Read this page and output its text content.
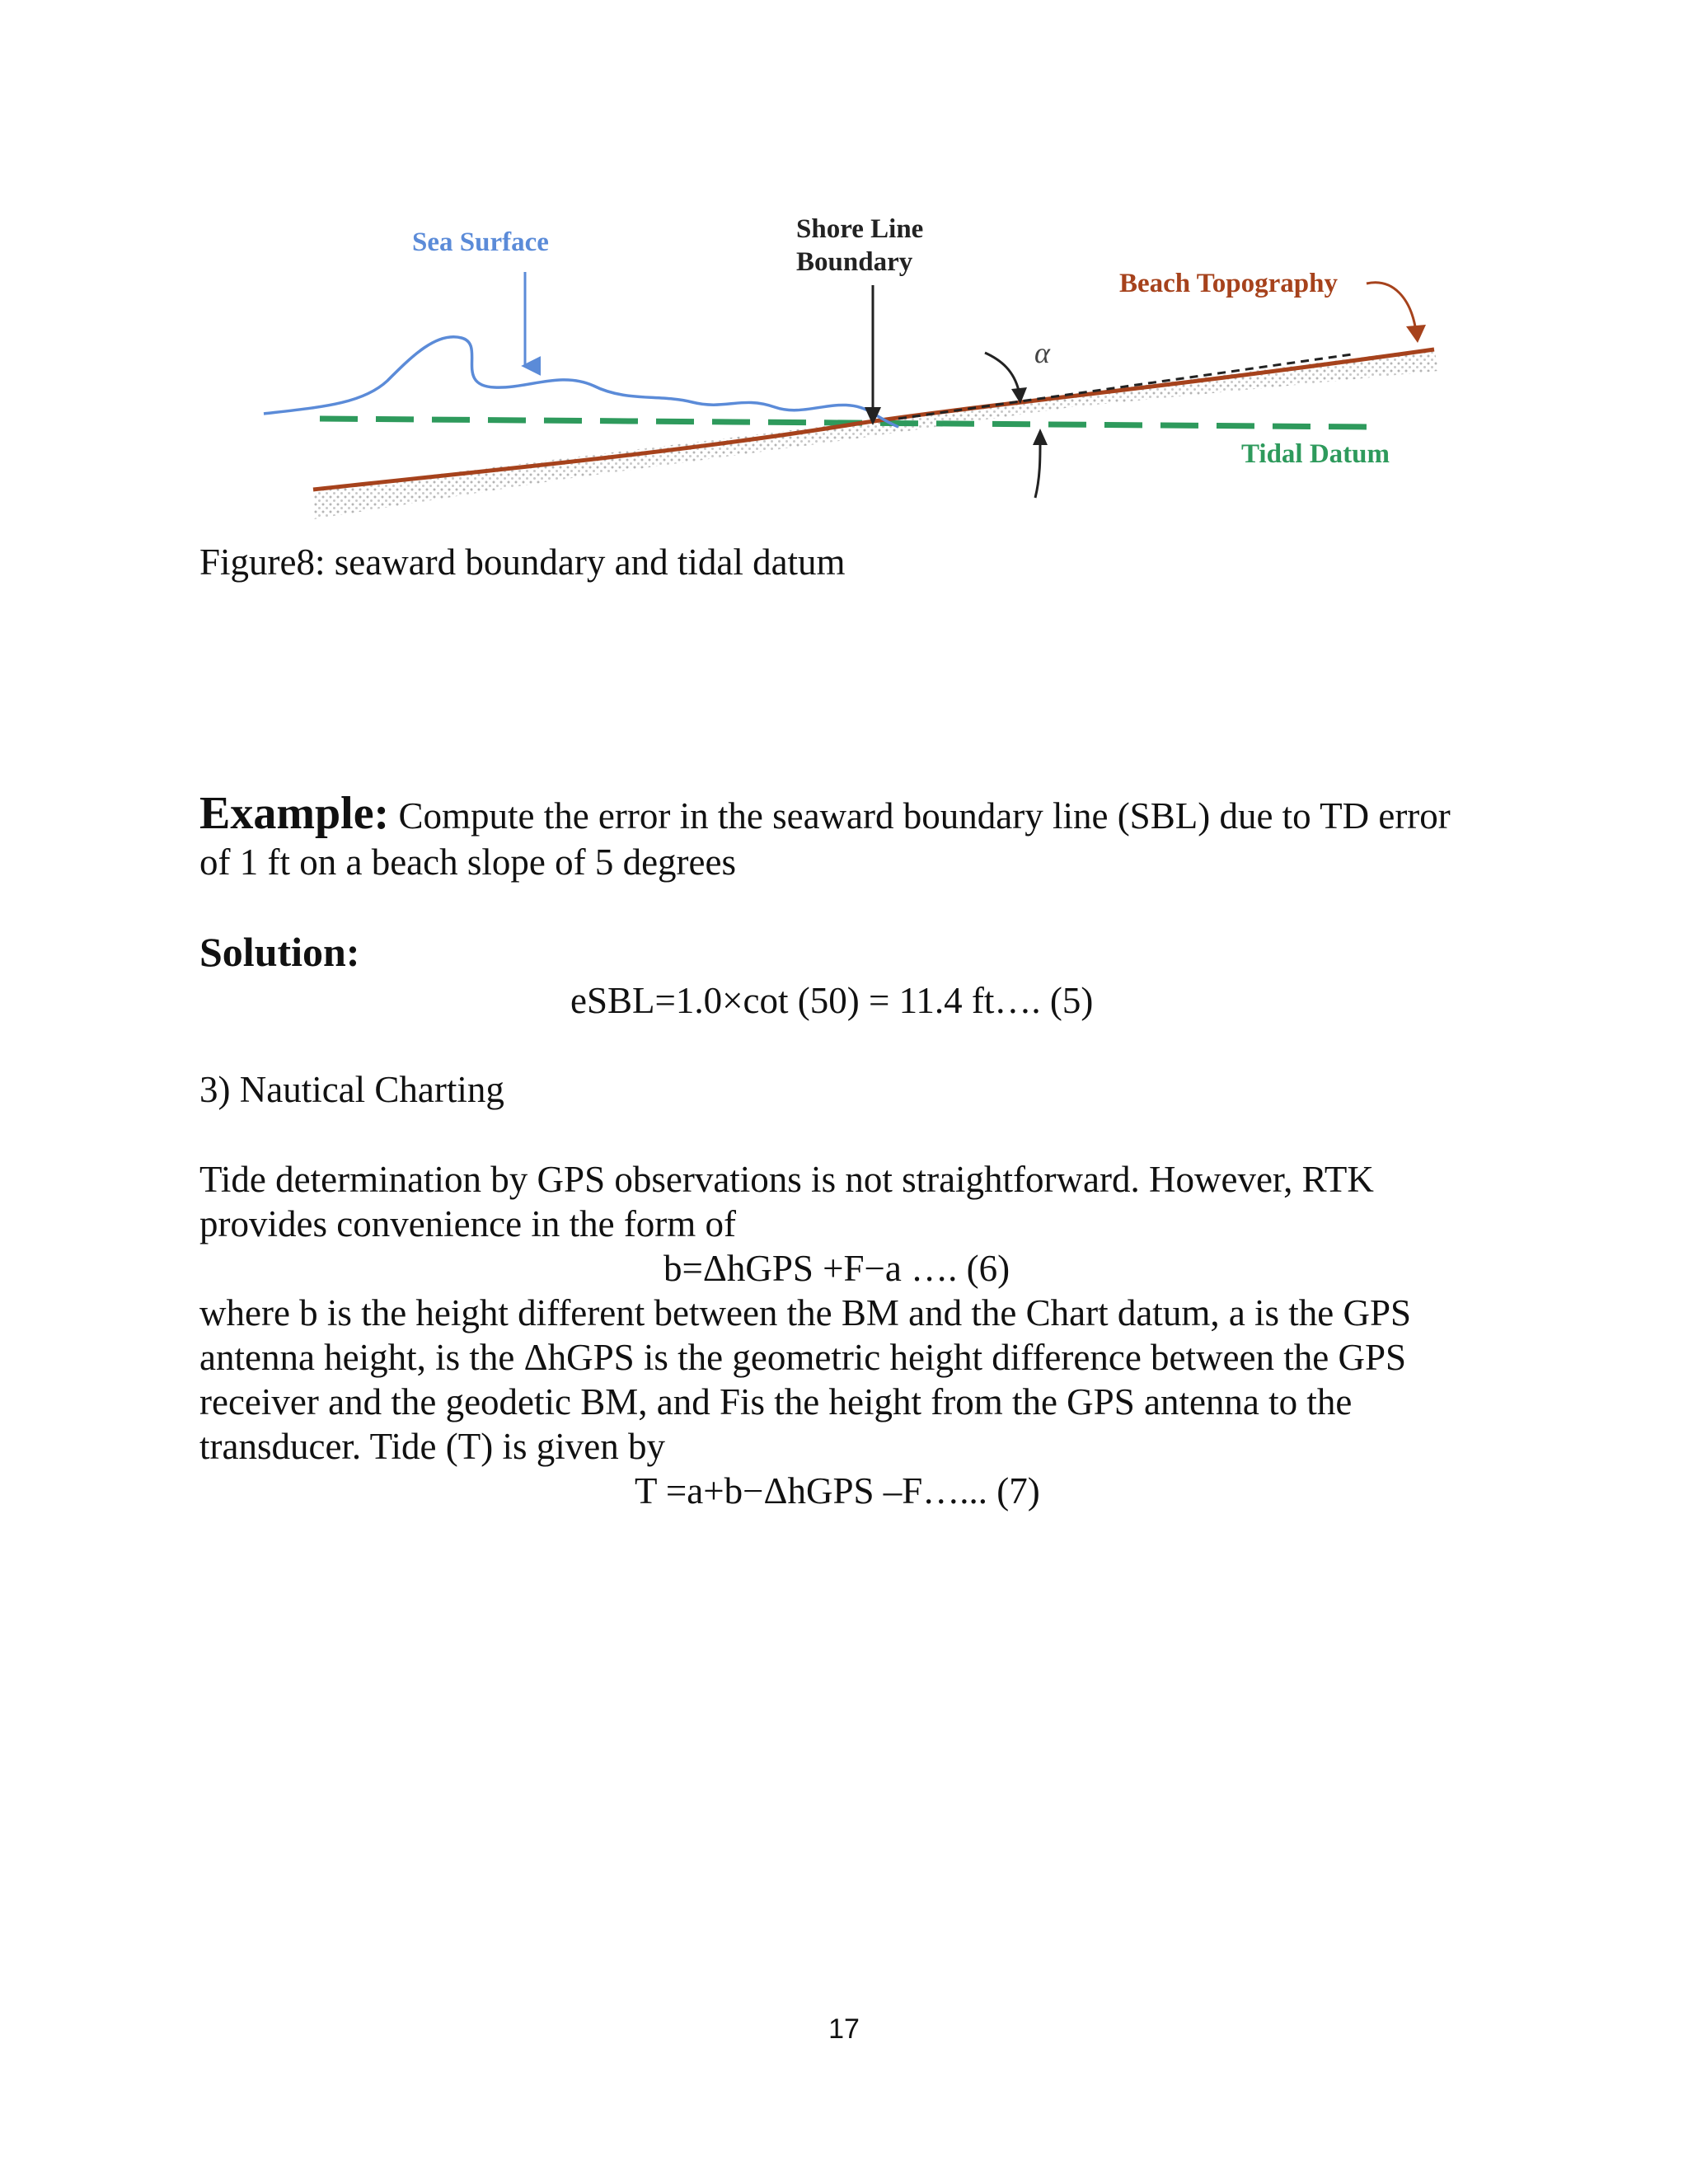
Sea Surface	Shore Line
Boundary
Beach Topography
α
Tidal Datum
Figure8: seaward boundary and tidal datum
Example: Compute the error in the seaward boundary line (SBL) due to TD error
of 1 ft on a beach slope of 5 degrees
Solution:
eSBL=1.0×cot (50) = 11.4 ft…. (5)
3) Nautical Charting
Tide determination by GPS observations is not straightforward. However, RTK
provides convenience in the form of
b=ΔhGPS +F−a …. (6)
where b is the height different between the BM and the Chart datum, a is the GPS
antenna height, is the ΔhGPS is the geometric height difference between the GPS
receiver and the geodetic BM, and Fis the height from the GPS antenna to the
transducer. Tide (T) is given by
T =a+b−ΔhGPS –F…... (7)
17
